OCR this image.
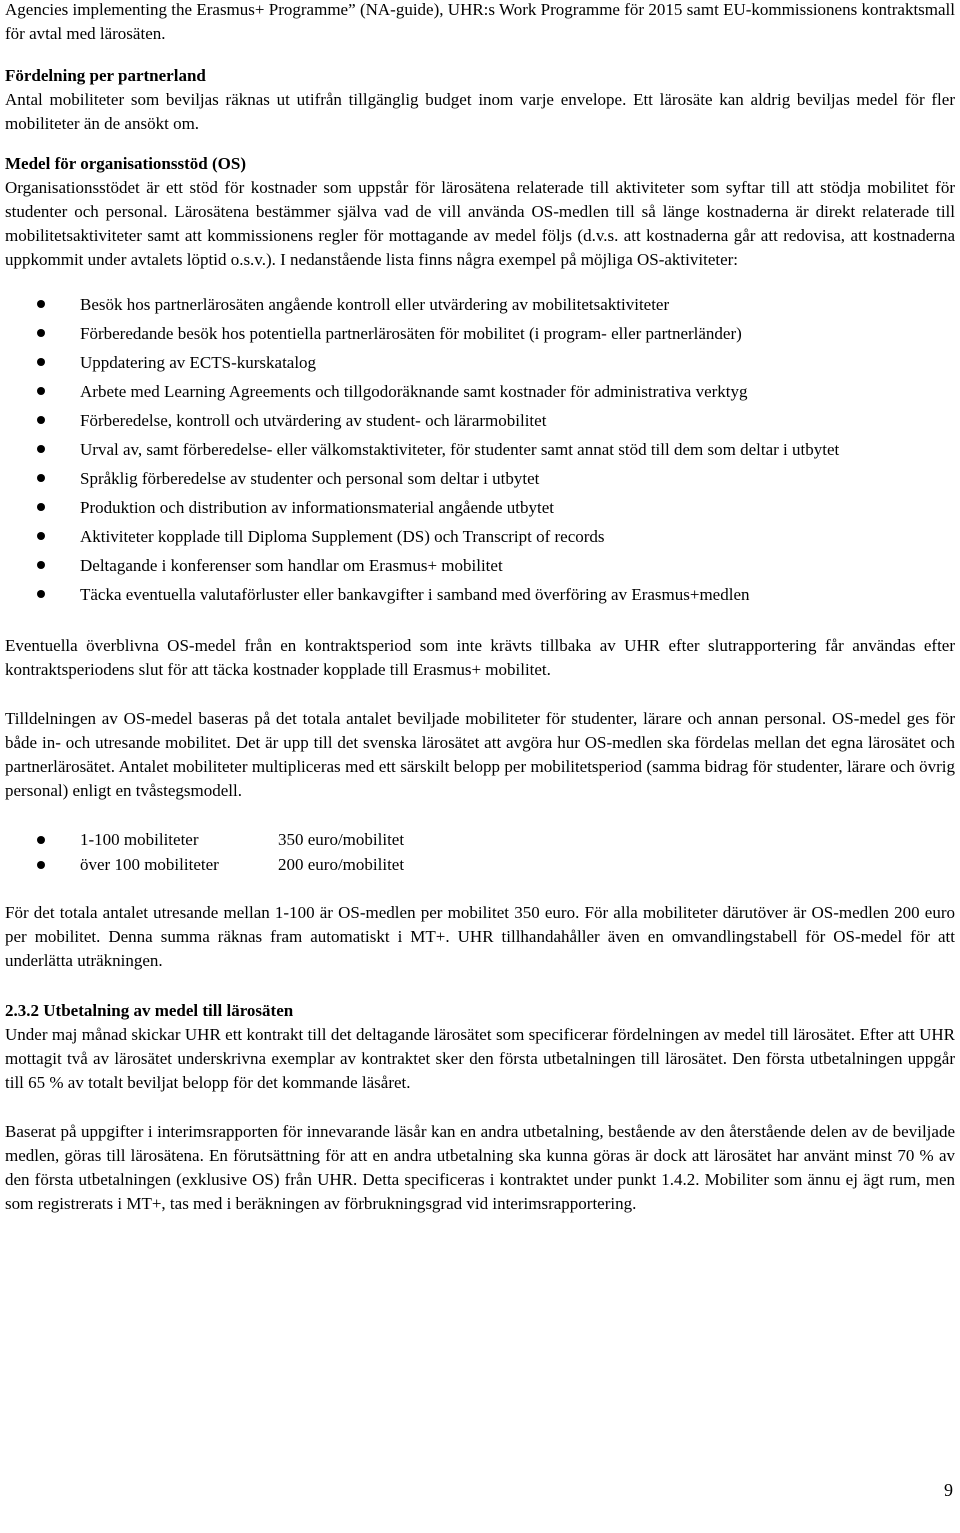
Agencies implementing the Erasmus+ Programme” (NA-guide), UHR:s Work Programme för 2015 samt EU-kommissionens kontraktsmall för avtal med lärosäten.

Fördelning per partnerland

Antal mobiliteter som beviljas räknas ut utifrån tillgänglig budget inom varje envelope. Ett lärosäte kan aldrig beviljas medel för fler mobiliteter än de ansökt om.

Medel för organisationsstöd (OS)

Organisationsstödet är ett stöd för kostnader som uppstår för lärosätena relaterade till aktiviteter som syftar till att stödja mobilitet för studenter och personal. Lärosätena bestämmer själva vad de vill använda OS-medlen till så länge kostnaderna är direkt relaterade till mobilitetsaktiviteter samt att kommissionens regler för mottagande av medel följs (d.v.s. att kostnaderna går att redovisa, att kostnaderna uppkommit under avtalets löptid o.s.v.). I nedanstående lista finns några exempel på möjliga OS-aktiviteter:

Besök hos partnerlärosäten angående kontroll eller utvärdering av mobilitetsaktiviteter
Förberedande besök hos potentiella partnerlärosäten för mobilitet (i program- eller partnerländer)
Uppdatering av ECTS-kurskatalog
Arbete med Learning Agreements och tillgodoräknande samt kostnader för administrativa verktyg
Förberedelse, kontroll och utvärdering av student- och lärarmobilitet
Urval av, samt förberedelse- eller välkomstaktiviteter, för studenter samt annat stöd till dem som deltar i utbytet
Språklig förberedelse av studenter och personal som deltar i utbytet
Produktion och distribution av informationsmaterial angående utbytet
Aktiviteter kopplade till Diploma Supplement (DS) och Transcript of records
Deltagande i konferenser som handlar om Erasmus+ mobilitet
Täcka eventuella valutaförluster eller bankavgifter i samband med överföring av Erasmus+medlen

Eventuella överblivna OS-medel från en kontraktsperiod som inte krävts tillbaka av UHR efter slutrapportering får användas efter kontraktsperiodens slut för att täcka kostnader kopplade till Erasmus+ mobilitet.

Tilldelningen av OS-medel baseras på det totala antalet beviljade mobiliteter för studenter, lärare och annan personal. OS-medel ges för både in- och utresande mobilitet. Det är upp till det svenska lärosätet att avgöra hur OS-medlen ska fördelas mellan det egna lärosätet och partnerlärosätet. Antalet mobiliteter multipliceras med ett särskilt belopp per mobilitetsperiod (samma bidrag för studenter, lärare och övrig personal) enligt en tvåstegsmodell.

1-100 mobiliteter	350 euro/mobilitet
över 100 mobiliteter	200 euro/mobilitet

För det totala antalet utresande mellan 1-100 är OS-medlen per mobilitet 350 euro. För alla mobiliteter därutöver är OS-medlen 200 euro per mobilitet. Denna summa räknas fram automatiskt i MT+. UHR tillhandahåller även en omvandlingstabell för OS-medel för att underlätta uträkningen.

2.3.2 Utbetalning av medel till lärosäten

Under maj månad skickar UHR ett kontrakt till det deltagande lärosätet som specificerar fördelningen av medel till lärosätet. Efter att UHR mottagit två av lärosätet underskrivna exemplar av kontraktet sker den första utbetalningen till lärosätet. Den första utbetalningen uppgår till 65 % av totalt beviljat belopp för det kommande läsåret.

Baserat på uppgifter i interimsrapporten för innevarande läsår kan en andra utbetalning, bestående av den återstående delen av de beviljade medlen, göras till lärosätena. En förutsättning för att en andra utbetalning ska kunna göras är dock att lärosätet har använt minst 70 % av den första utbetalningen (exklusive OS) från UHR. Detta specificeras i kontraktet under punkt 1.4.2. Mobiliter som ännu ej ägt rum, men som registrerats i MT+, tas med i beräkningen av förbrukningsgrad vid interimsrapportering.

9
